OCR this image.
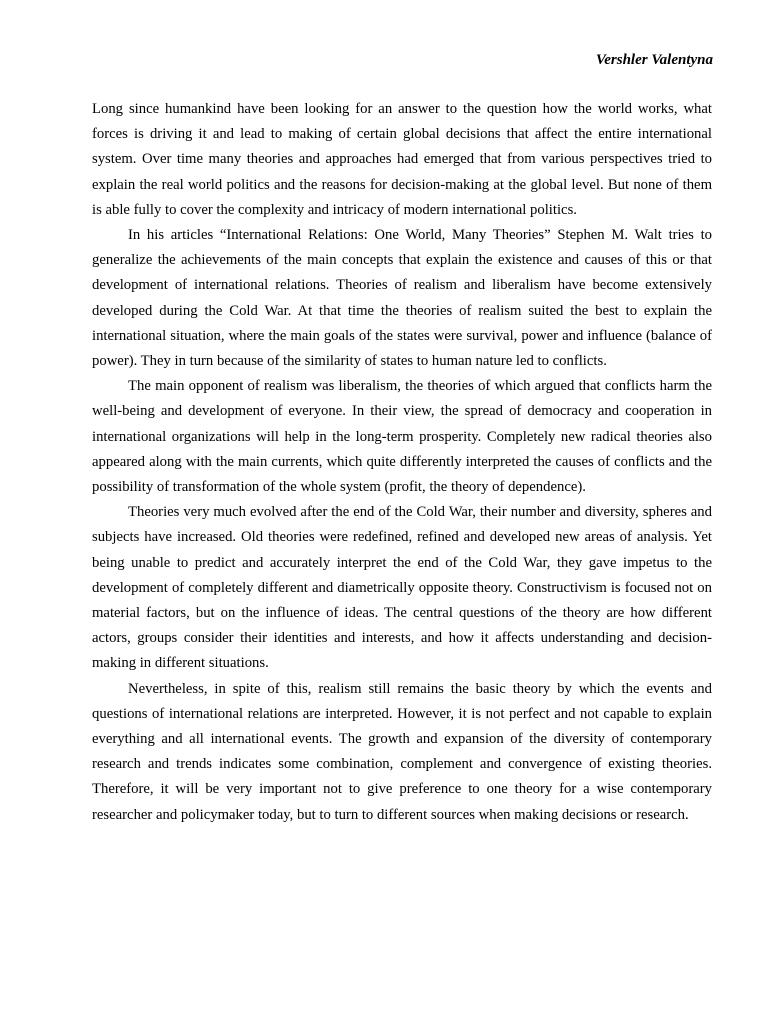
Vershler Valentyna

Long since humankind have been looking for an answer to the question how the world works, what forces is driving it and lead to making of certain global decisions that affect the entire international system. Over time many theories and approaches had emerged that from various perspectives tried to explain the real world politics and the reasons for decision-making at the global level. But none of them is able fully to cover the complexity and intricacy of modern international politics.

In his articles “International Relations: One World, Many Theories” Stephen M. Walt tries to generalize the achievements of the main concepts that explain the existence and causes of this or that development of international relations. Theories of realism and liberalism have become extensively developed during the Cold War. At that time the theories of realism suited the best to explain the international situation, where the main goals of the states were survival, power and influence (balance of power). They in turn because of the similarity of states to human nature led to conflicts.

The main opponent of realism was liberalism, the theories of which argued that conflicts harm the well-being and development of everyone. In their view, the spread of democracy and cooperation in international organizations will help in the long-term prosperity. Completely new radical theories also appeared along with the main currents, which quite differently interpreted the causes of conflicts and the possibility of transformation of the whole system (profit, the theory of dependence).

Theories very much evolved after the end of the Cold War, their number and diversity, spheres and subjects have increased. Old theories were redefined, refined and developed new areas of analysis. Yet being unable to predict and accurately interpret the end of the Cold War, they gave impetus to the development of completely different and diametrically opposite theory. Constructivism is focused not on material factors, but on the influence of ideas. The central questions of the theory are how different actors, groups consider their identities and interests, and how it affects understanding and decision-making in different situations.

Nevertheless, in spite of this, realism still remains the basic theory by which the events and questions of international relations are interpreted. However, it is not perfect and not capable to explain everything and all international events. The growth and expansion of the diversity of contemporary research and trends indicates some combination, complement and convergence of existing theories. Therefore, it will be very important not to give preference to one theory for a wise contemporary researcher and policymaker today, but to turn to different sources when making decisions or research.
